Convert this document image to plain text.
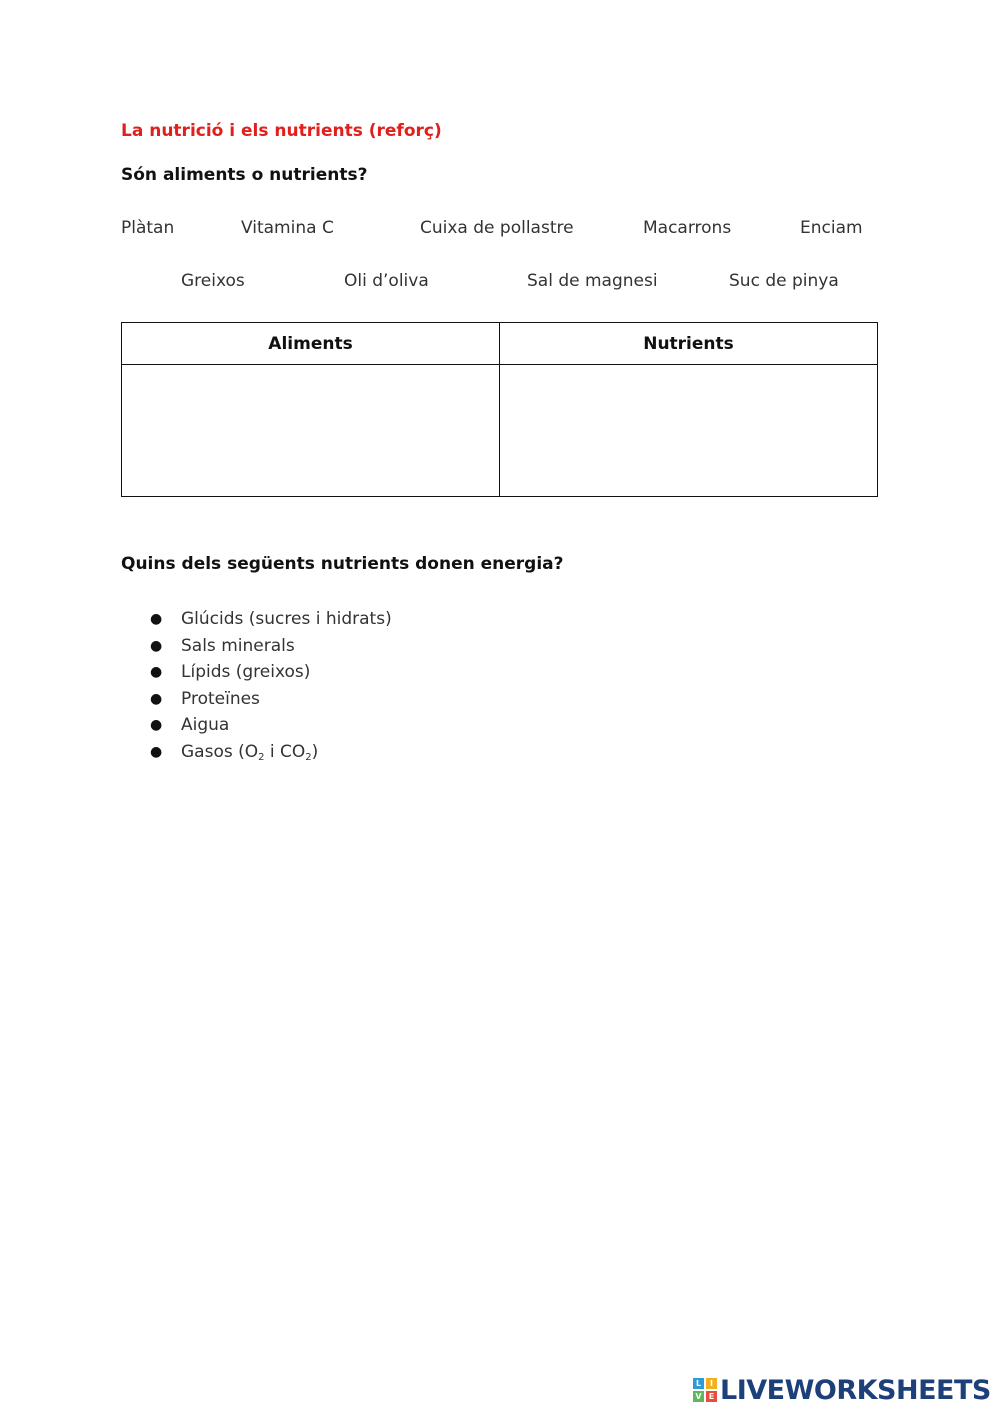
La nutrició i els nutrients (reforç)

Són aliments o nutrients?

Plàtan	Vitamina C	Cuixa de pollastre	Macarrons	Enciam
Greixos	Oli d’oliva	Sal de magnesi	Suc de pinya
Aliments	Nutrients

Quins dels següents nutrients donen energia?

● Glúcids (sucres i hidrats)
● Sals minerals
● Lípids (greixos)
● Proteïnes
● Aigua
● Gasos ($O_2$ i $CO_2$)
L	I
V E LIVEWORKSHEETS
